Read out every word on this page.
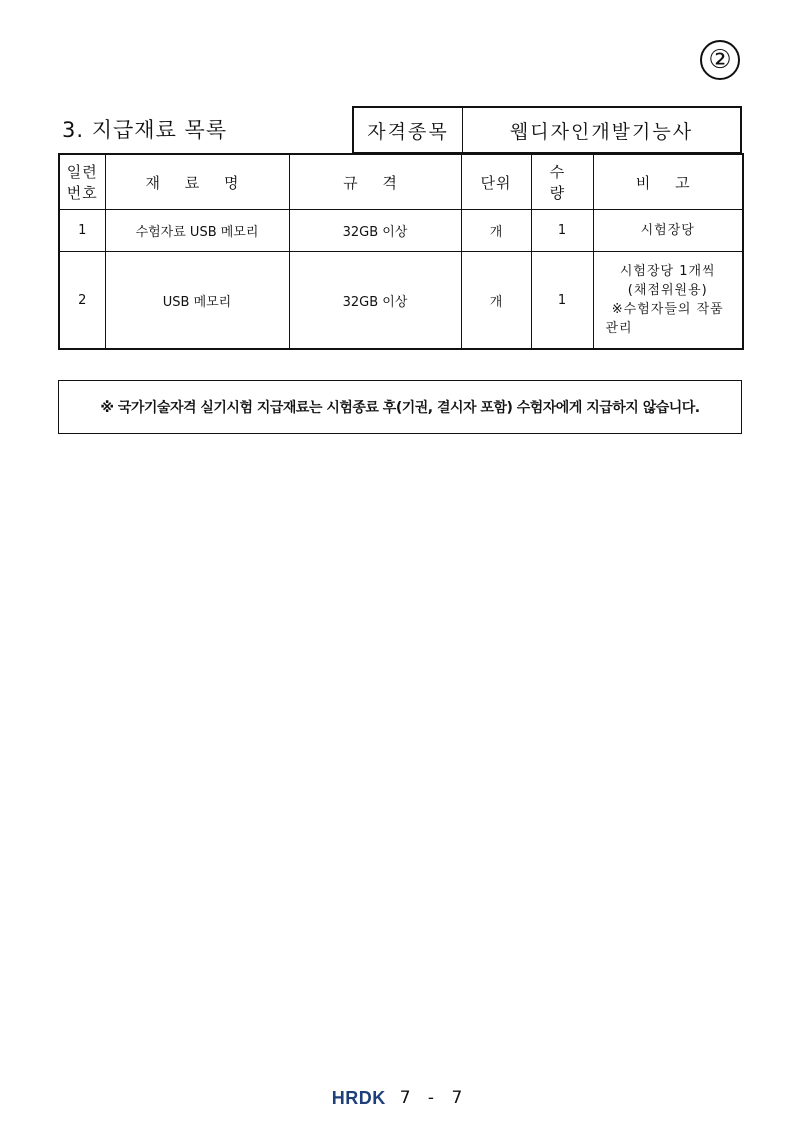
②
3. 지급재료 목록	자격종목	웹디자인개발기능사
일련
번호	재 료 명	규 격	단위	수 량	비 고
1	수험자료 USB 메모리	32GB 이상	개	1	시험장당

2	USB 메모리	32GB 이상	개	1	시험장당 1개씩
(채점위원용)
※수험자들의 작품
관리
※ 국가기술자격 실기시험 지급재료는 시험종료 후(기권, 결시자 포함) 수험자에게 지급하지 않습니다.
HRDK 7 - 7
